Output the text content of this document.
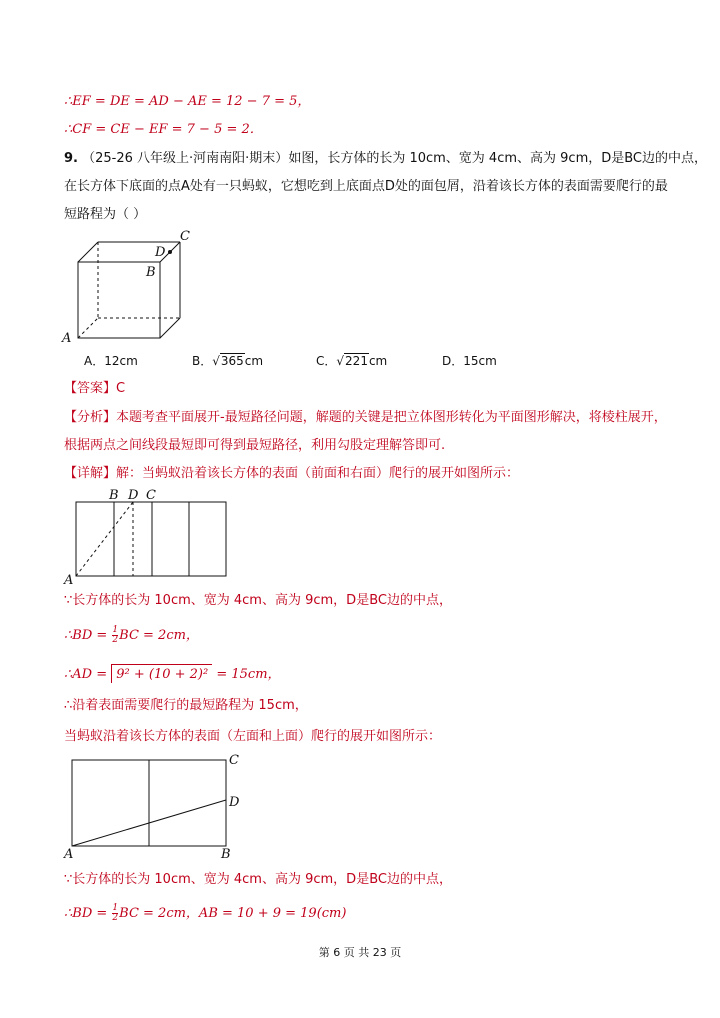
∴EF = DE = AD − AE = 12 − 7 = 5，
∴CF = CE − EF = 7 − 5 = 2．
9. （25-26 八年级上·河南南阳·期末）如图，长方体的长为 10cm、宽为 4cm、高为 9cm，D是BC边的中点，
在长方体下底面的点A处有一只蚂蚁，它想吃到上底面点D处的面包屑，沿着该长方体的表面需要爬行的最
短路程为（ ）
A
B
C
D
A．12cm	B．√365cm	C．√221cm	D．15cm
【答案】C
【分析】本题考查平面展开-最短路径问题，解题的关键是把立体图形转化为平面图形解决，将棱柱展开，
根据两点之间线段最短即可得到最短路径，利用勾股定理解答即可.
【详解】解：当蚂蚁沿着该长方体的表面（前面和右面）爬行的展开如图所示：
A
B D C
∵长方体的长为 10cm、宽为 4cm、高为 9cm，D是BC边的中点，
∴BD = $\frac{1}{2}$ BC = 2cm，
∴AD = 9² + (10 + 2)² = 15cm，
∴沿着表面需要爬行的最短路程为 15cm，
当蚂蚁沿着该长方体的表面（左面和上面）爬行的展开如图所示：
A	B
C
D
∵长方体的长为 10cm、宽为 4cm、高为 9cm，D是BC边的中点，
∴BD = $\frac{1}{2}$ BC = 2cm，AB = 10 + 9 = 19(cm)
第 6 页 共 23 页
